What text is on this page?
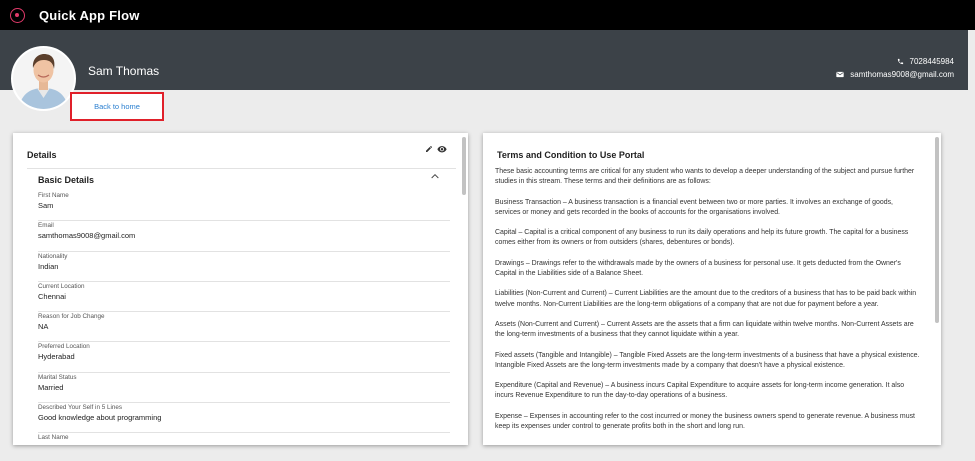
Quick App Flow
Sam Thomas
7028445984
samthomas9008@gmail.com
Back to home
Details
Basic Details
First Name
Sam
Email
samthomas9008@gmail.com
Nationality
Indian
Current Location
Chennai
Reason for Job Change
NA
Preferred Location
Hyderabad
Marital Status
Married
Described Your Self in 5 Lines
Good knowledge about programming
Last Name
Terms and Condition to Use Portal

These basic accounting terms are critical for any student who wants to develop a deeper understanding of the subject and pursue further studies in this stream. These terms and their definitions are as follows:

Business Transaction – A business transaction is a financial event between two or more parties. It involves an exchange of goods, services or money and gets recorded in the books of accounts for the organisations involved.

Capital – Capital is a critical component of any business to run its daily operations and help its future growth. The capital for a business comes either from its owners or from outsiders (shares, debentures or bonds).

Drawings – Drawings refer to the withdrawals made by the owners of a business for personal use. It gets deducted from the Owner's Capital in the Liabilities side of a Balance Sheet.

Liabilities (Non-Current and Current) – Current Liabilities are the amount due to the creditors of a business that has to be paid back within twelve months. Non-Current Liabilities are the long-term obligations of a company that are not due for payment before a year.

Assets (Non-Current and Current) – Current Assets are the assets that a firm can liquidate within twelve months. Non-Current Assets are the long-term investments of a business that they cannot liquidate within a year.

Fixed assets (Tangible and Intangible) – Tangible Fixed Assets are the long-term investments of a business that have a physical existence. Intangible Fixed Assets are the long-term investments made by a company that doesn't have a physical existence.

Expenditure (Capital and Revenue) – A business incurs Capital Expenditure to acquire assets for long-term income generation. It also incurs Revenue Expenditure to run the day-to-day operations of a business.

Expense – Expenses in accounting refer to the cost incurred or money the business owners spend to generate revenue. A business must keep its expenses under control to generate profits both in the short and long run.
